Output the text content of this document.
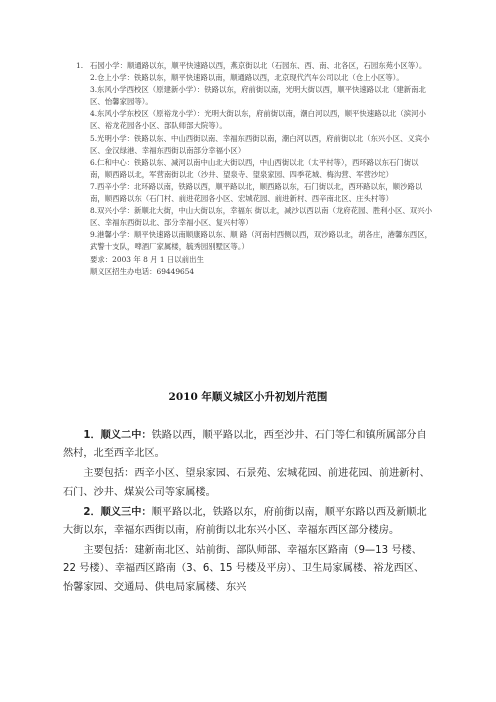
1. 石园小学：顺通路以东，顺平快速路以西，燕京街以北（石园东、西、南、北各区，石园东苑小区等）。
2.仓上小学：铁路以东，顺平快速路以南，顺通路以西，北京现代汽车公司以北（仓上小区等）。
3.东风小学西校区（原建新小学）：铁路以东，府前街以南，光明大街以西，顺平快速路以北（建新南北区、怡馨家园等）。
4.东风小学东校区（原裕龙小学）：光明大街以东，府前街以南，潮白河以西，顺平快速路以北（滨河小区、裕龙花园各小区、部队师部大院等）。
5.光明小学：铁路以东、中山西街以南、幸福东西街以南，潮白河以西，府前街以北（东兴小区、义宾小区、金汉绿港、幸福东西街以南部分幸福小区）
6.仁和中心：铁路以东、减河以南中山北大街以西，中山西街以北（太平村等），西环路以东石门街以南，顺西路以北，军营南街以北（沙井、望泉寺、望泉家园、四季花城、梅沟营、军营沙坨）
7.西辛小学：北环路以南，铁路以西，顺平路以北，顺西路以东，石门街以北，西环路以东，顺沙路以南，顺西路以东（石门村、前进花园各小区、宏城花园、前进新村、西辛南北区、庄头村等）
8.双兴小学：新顺北大街，中山大街以东，幸福东 街以北，减沙以西以南（龙府花园、胜利小区、双兴小区、幸福东西街以北、部分幸福小区、复兴村等）
9.港馨小学：顺平快速路以南顺康路以东、顺 路（河南村西侧以西，双沙路以北，胡各庄，港馨东西区，武警十支队，啤酒厂家属楼，毓秀园别墅区等。）
要求：2003 年 8 月 1 日以前出生
顺义区招生办电话：69449654
2010 年顺义城区小升初划片范围

1．顺义二中：铁路以西，顺平路以北，西至沙井、石门等仁和镇所属部分自然村，北至西辛北区。

主要包括：西辛小区、望泉家园、石景苑、宏城花园、前进花园、前进新村、石门、沙井、煤炭公司等家属楼。

2．顺义三中：顺平路以北，铁路以东，府前街以南，顺平东路以西及新顺北大街以东，幸福东西街以南，府前街以北东兴小区、幸福东西区部分楼房。

主要包括：建新南北区、站前街、部队师部、幸福东区路南（9—13 号楼、22 号楼）、幸福西区路南（3、6、15 号楼及平房）、卫生局家属楼、裕龙西区、怡馨家园、交通局、供电局家属楼、东兴
